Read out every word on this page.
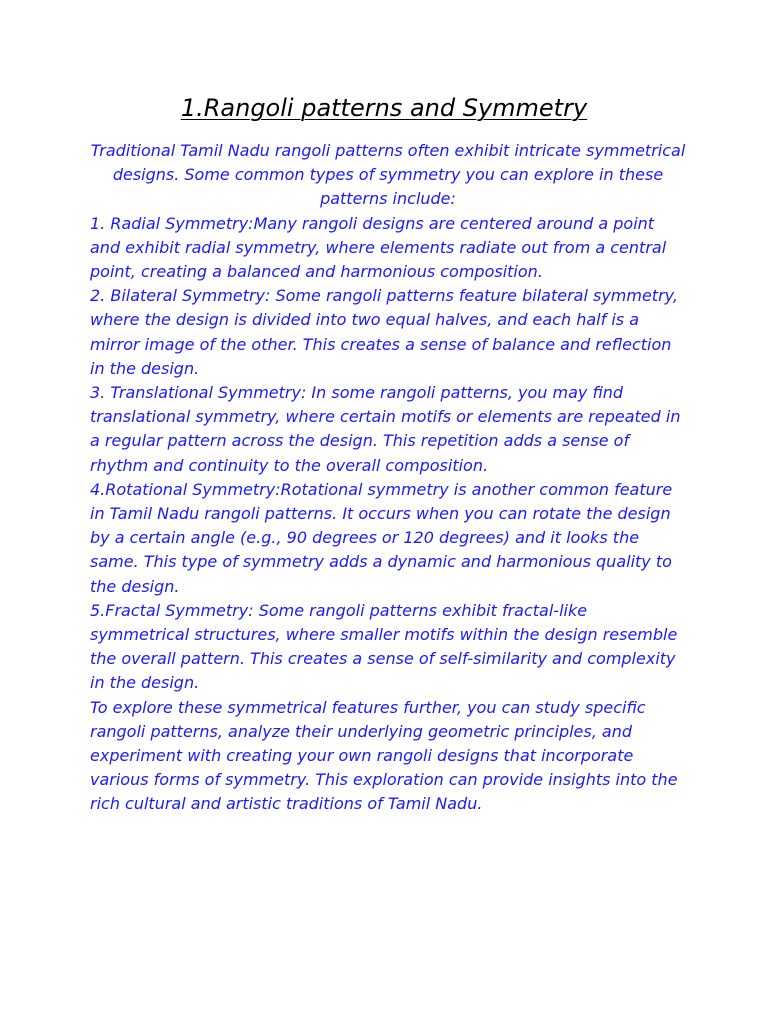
1.Rangoli patterns and Symmetry

Traditional Tamil Nadu rangoli patterns often exhibit intricate symmetrical designs. Some common types of symmetry you can explore in these patterns include:

1. Radial Symmetry:Many rangoli designs are centered around a point and exhibit radial symmetry, where elements radiate out from a central point, creating a balanced and harmonious composition.

2. Bilateral Symmetry: Some rangoli patterns feature bilateral symmetry, where the design is divided into two equal halves, and each half is a mirror image of the other. This creates a sense of balance and reflection in the design.

3. Translational Symmetry: In some rangoli patterns, you may find translational symmetry, where certain motifs or elements are repeated in a regular pattern across the design. This repetition adds a sense of rhythm and continuity to the overall composition.

4.Rotational Symmetry:Rotational symmetry is another common feature in Tamil Nadu rangoli patterns. It occurs when you can rotate the design by a certain angle (e.g., 90 degrees or 120 degrees) and it looks the same. This type of symmetry adds a dynamic and harmonious quality to the design.

5.Fractal Symmetry: Some rangoli patterns exhibit fractal-like symmetrical structures, where smaller motifs within the design resemble the overall pattern. This creates a sense of self-similarity and complexity in the design.

To explore these symmetrical features further, you can study specific rangoli patterns, analyze their underlying geometric principles, and experiment with creating your own rangoli designs that incorporate various forms of symmetry. This exploration can provide insights into the rich cultural and artistic traditions of Tamil Nadu.
